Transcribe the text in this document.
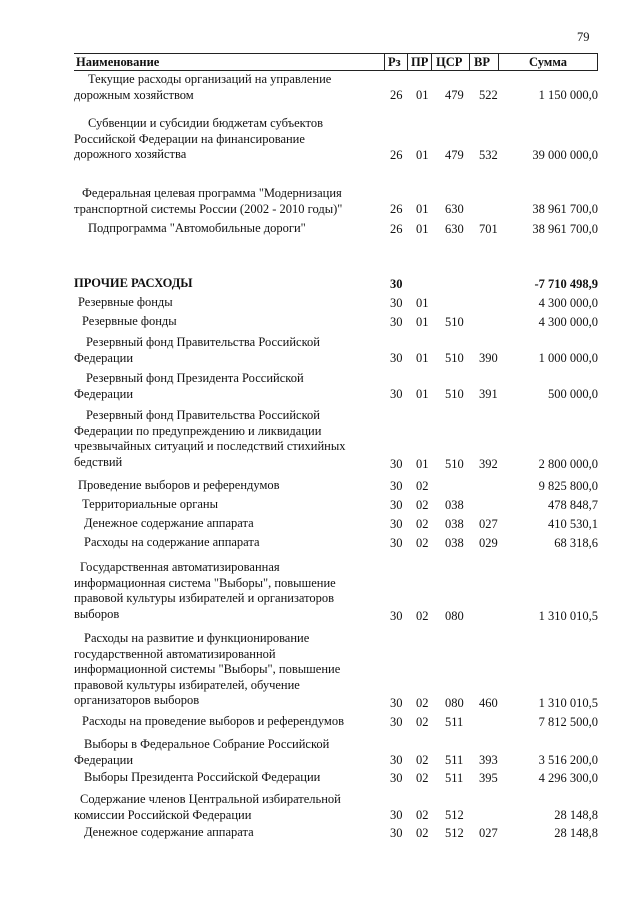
79
Наименование	Рз ПР ЦСР ВР	Сумма
Текущие расходы организаций на управление
дорожным хозяйством	26 01 479 522	1 150 000,0
Субвенции и субсидии бюджетам субъектов
Российской Федерации на финансирование
дорожного хозяйства	26 01 479 532	39 000 000,0
Федеральная целевая программа "Модернизация
транспортной системы России (2002 - 2010 годы)"	26 01 630	38 961 700,0
Подпрограмма "Автомобильные дороги"	26 01 630 701	38 961 700,0
ПРОЧИЕ РАСХОДЫ	30	-7 710 498,9
Резервные фонды	30 01	4 300 000,0
Резервные фонды	30 01 510	4 300 000,0
Резервный фонд Правительства Российской
Федерации	30 01 510 390	1 000 000,0
Резервный фонд Президента Российской
Федерации	30 01 510 391	500 000,0
Резервный фонд Правительства Российской
Федерации по предупреждению и ликвидации
чрезвычайных ситуаций и последствий стихийных
бедствий	30 01 510 392	2 800 000,0
Проведение выборов и референдумов	30 02	9 825 800,0
Территориальные органы	30 02 038	478 848,7
Денежное содержание аппарата	30 02 038 027	410 530,1
Расходы на содержание аппарата	30 02 038 029	68 318,6
Государственная автоматизированная
информационная система "Выборы", повышение
правовой культуры избирателей и организаторов
выборов	30 02 080	1 310 010,5
Расходы на развитие и функционирование
государственной автоматизированной
информационной системы "Выборы", повышение
правовой культуры избирателей, обучение
организаторов выборов	30 02 080 460	1 310 010,5
Расходы на проведение выборов и референдумов	30 02 511	7 812 500,0
Выборы в Федеральное Собрание Российской
Федерации	30 02 511 393	3 516 200,0
Выборы Президента Российской Федерации	30 02 511 395	4 296 300,0
Содержание членов Центральной избирательной
комиссии Российской Федерации	30 02 512	28 148,8
Денежное содержание аппарата	30 02 512 027	28 148,8
